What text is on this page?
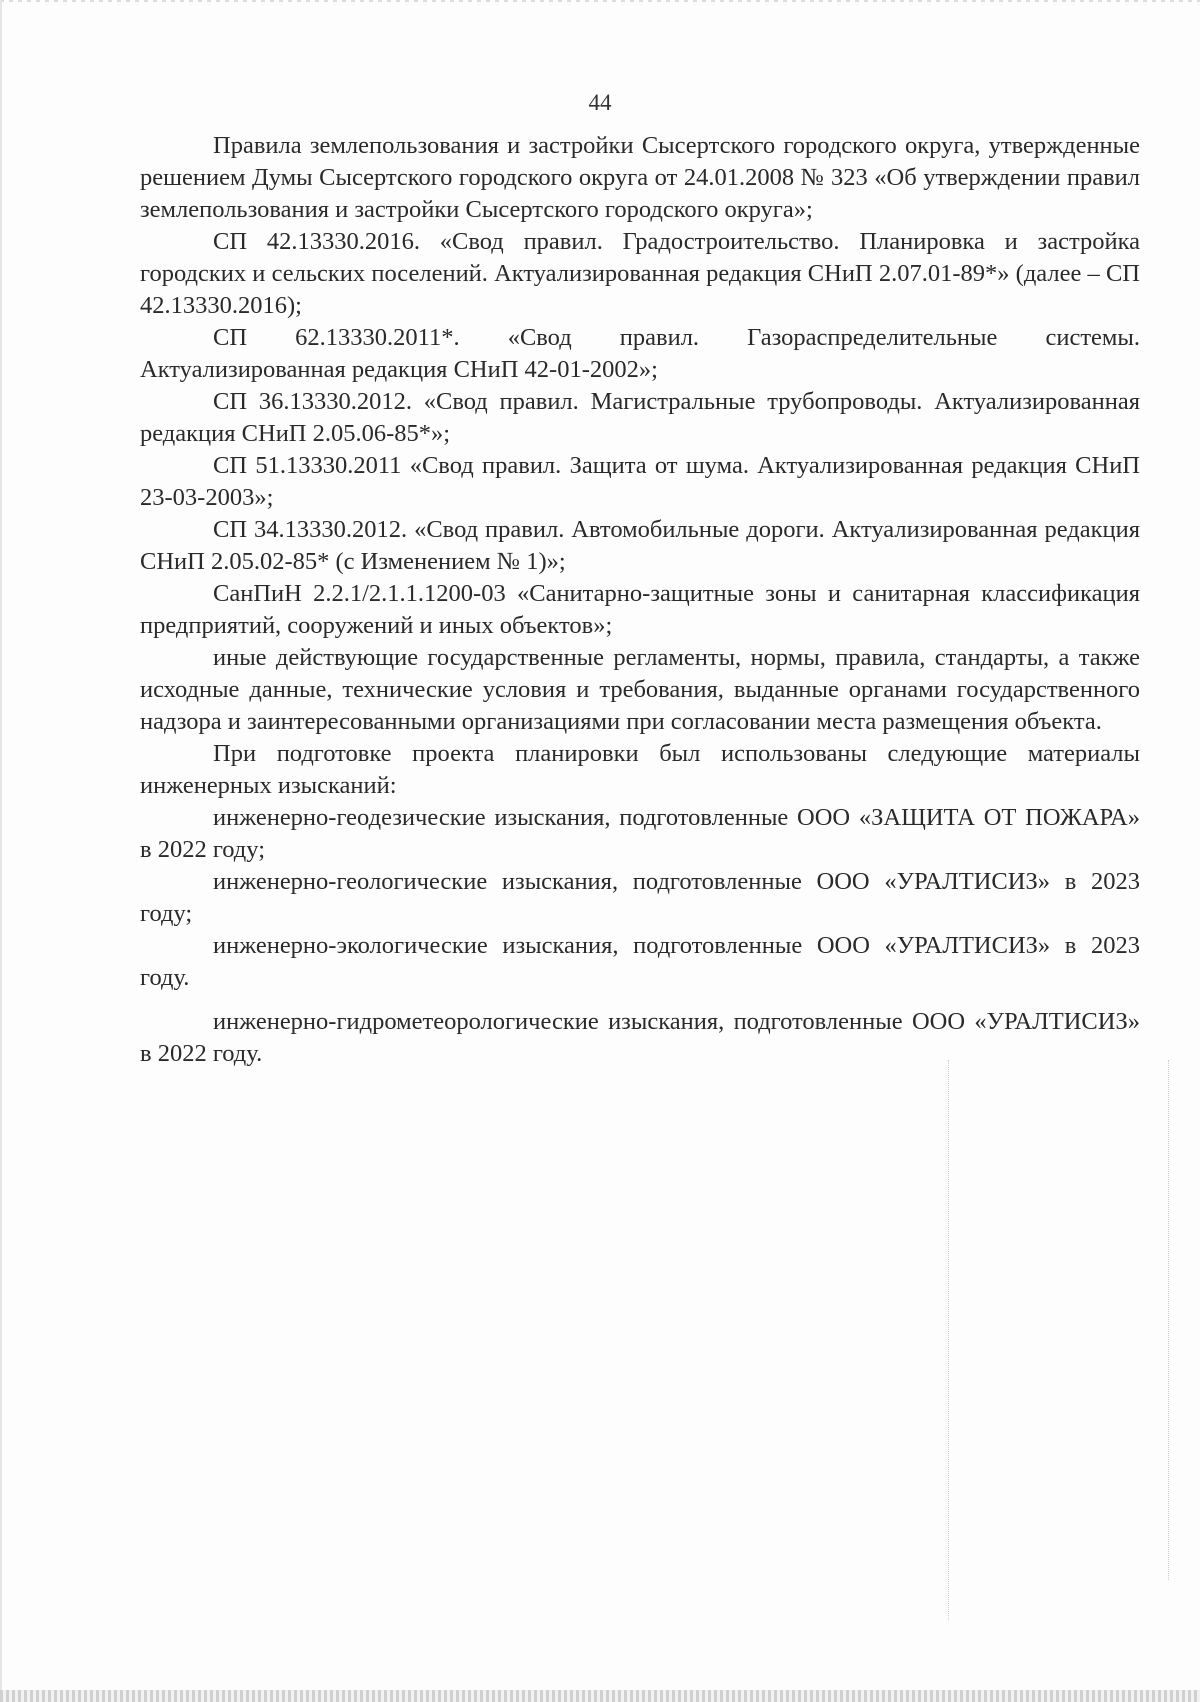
44

Правила землепользования и застройки Сысертского городского округа, утвержденные решением Думы Сысертского городского округа от 24.01.2008 № 323 «Об утверждении правил землепользования и застройки Сысертского городского округа»;

СП 42.13330.2016. «Свод правил. Градостроительство. Планировка и застройка городских и сельских поселений. Актуализированная редакция СНиП 2.07.01-89*» (далее – СП 42.13330.2016);

СП 62.13330.2011*. «Свод правил. Газораспределительные системы. Актуализированная редакция СНиП 42-01-2002»;

СП 36.13330.2012. «Свод правил. Магистральные трубопроводы. Актуализированная редакция СНиП 2.05.06-85*»;

СП 51.13330.2011 «Свод правил. Защита от шума. Актуализированная редакция СНиП 23-03-2003»;

СП 34.13330.2012. «Свод правил. Автомобильные дороги. Актуализированная редакция СНиП 2.05.02-85* (с Изменением № 1)»;

СанПиН 2.2.1/2.1.1.1200-03 «Санитарно-защитные зоны и санитарная классификация предприятий, сооружений и иных объектов»;

иные действующие государственные регламенты, нормы, правила, стандарты, а также исходные данные, технические условия и требования, выданные органами государственного надзора и заинтересованными организациями при согласовании места размещения объекта.

При подготовке проекта планировки был использованы следующие материалы инженерных изысканий:

инженерно-геодезические изыскания, подготовленные ООО «ЗАЩИТА ОТ ПОЖАРА» в 2022 году;

инженерно-геологические изыскания, подготовленные ООО «УРАЛТИСИЗ» в 2023 году;

инженерно-экологические изыскания, подготовленные ООО «УРАЛТИСИЗ» в 2023 году.

инженерно-гидрометеорологические изыскания, подготовленные ООО «УРАЛТИСИЗ» в 2022 году.
